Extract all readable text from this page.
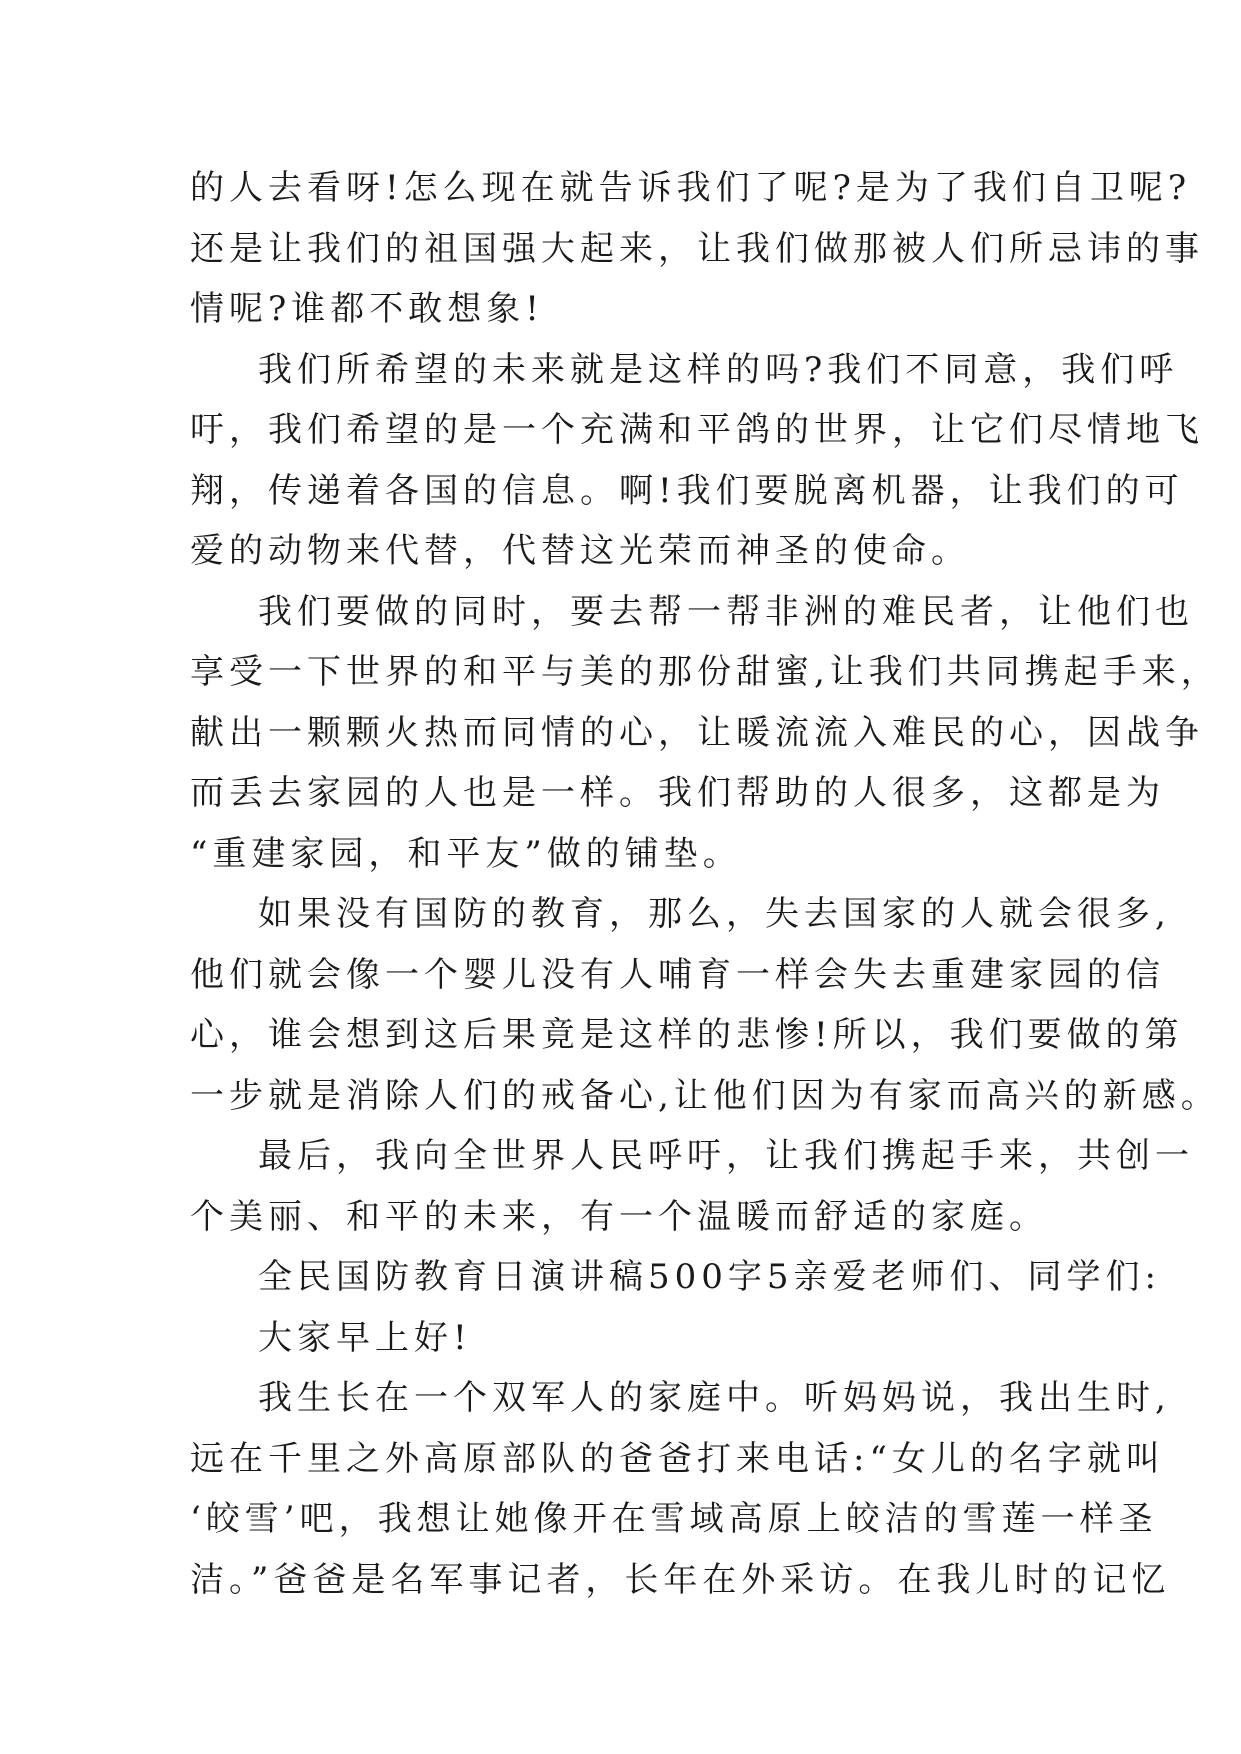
的人去看呀!怎么现在就告诉我们了呢?是为了我们自卫呢?
还是让我们的祖国强大起来，让我们做那被人们所忌讳的事
情呢?谁都不敢想象!
我们所希望的未来就是这样的吗?我们不同意，我们呼
吁，我们希望的是一个充满和平鸽的世界，让它们尽情地飞
翔，传递着各国的信息。啊!我们要脱离机器，让我们的可
爱的动物来代替，代替这光荣而神圣的使命。
我们要做的同时，要去帮一帮非洲的难民者，让他们也
享受一下世界的和平与美的那份甜蜜,让我们共同携起手来，
献出一颗颗火热而同情的心，让暖流流入难民的心，因战争
而丢去家园的人也是一样。我们帮助的人很多，这都是为
“重建家园，和平友”做的铺垫。
如果没有国防的教育，那么，失去国家的人就会很多,
他们就会像一个婴儿没有人哺育一样会失去重建家园的信
心，谁会想到这后果竟是这样的悲惨!所以，我们要做的第
一步就是消除人们的戒备心,让他们因为有家而高兴的新感。
最后，我向全世界人民呼吁，让我们携起手来，共创一
个美丽、和平的未来，有一个温暖而舒适的家庭。
全民国防教育日演讲稿500字5亲爱老师们、同学们:
大家早上好!
我生长在一个双军人的家庭中。听妈妈说，我出生时,
远在千里之外高原部队的爸爸打来电话:“女儿的名字就叫
‘皎雪’吧，我想让她像开在雪域高原上皎洁的雪莲一样圣
洁。”爸爸是名军事记者，长年在外采访。在我儿时的记忆
